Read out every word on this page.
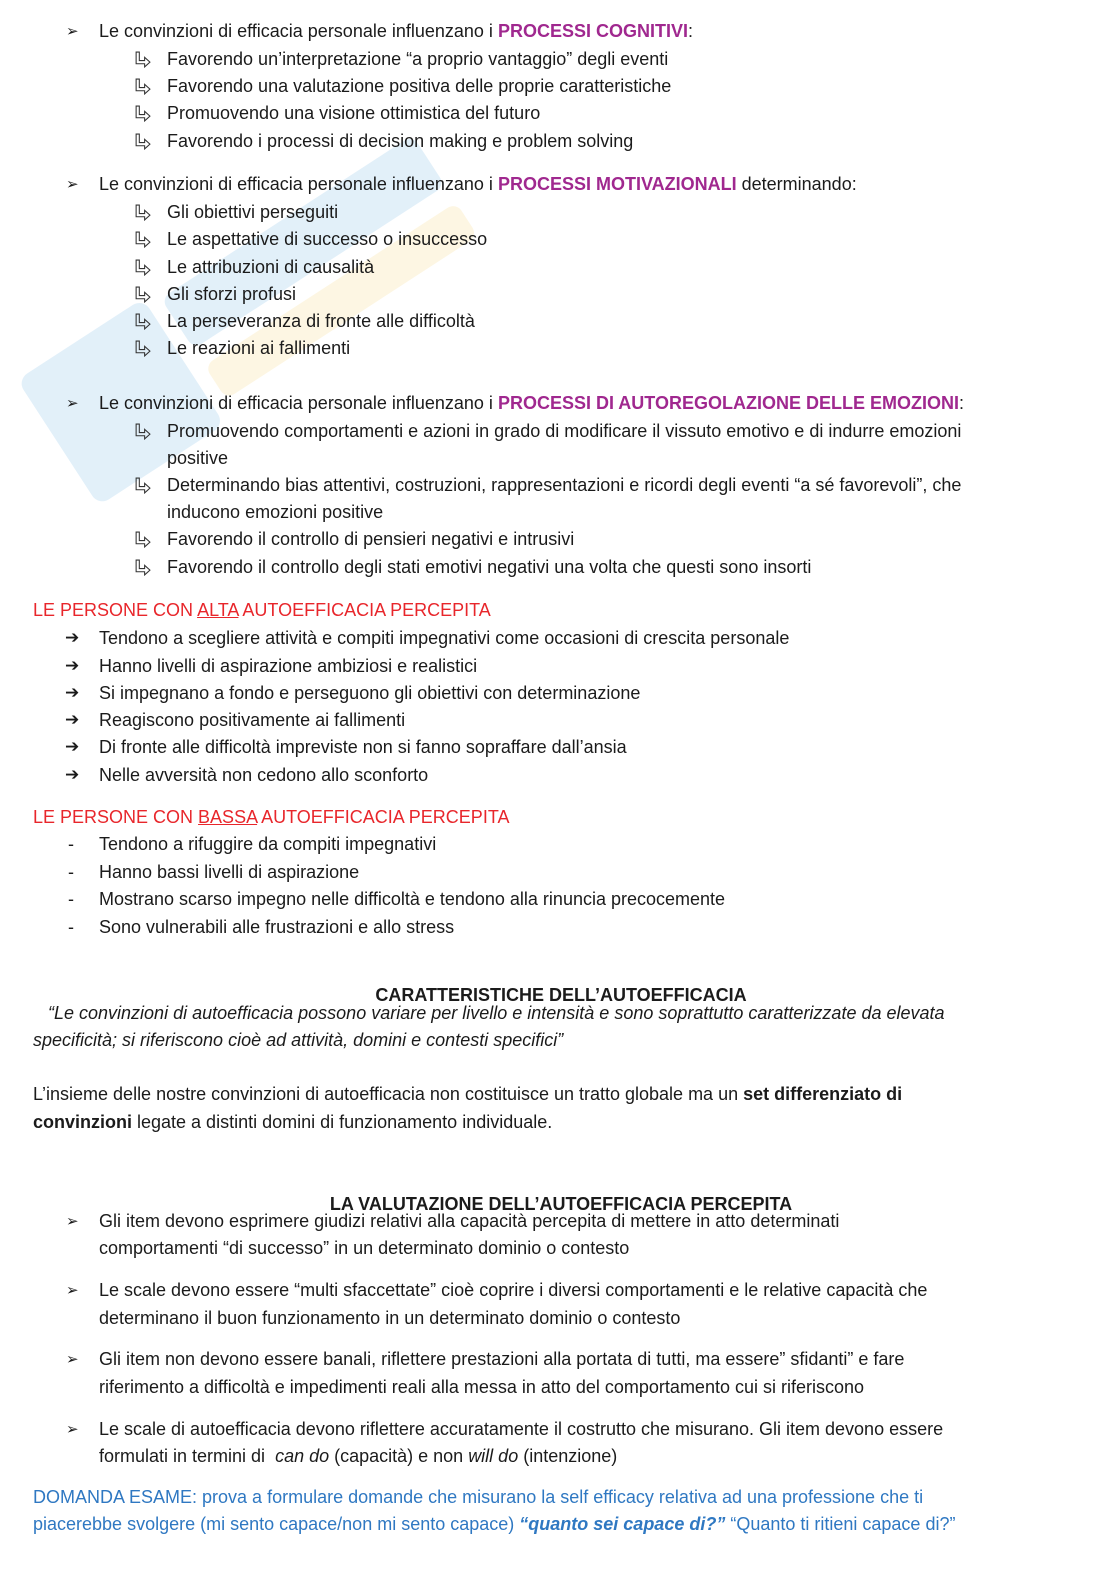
➢

Le convinzioni di efficacia personale influenzano i PROCESSI COGNITIVI:

Favorendo un’interpretazione “a proprio vantaggio” degli eventi
Favorendo una valutazione positiva delle proprie caratteristiche
Promuovendo una visione ottimistica del futuro
Favorendo i processi di decision making e problem solving

➢

Le convinzioni di efficacia personale influenzano i PROCESSI MOTIVAZIONALI determinando:

Gli obiettivi perseguiti
Le aspettative di successo o insuccesso
Le attribuzioni di causalità
Gli sforzi profusi
La perseveranza di fronte alle difficoltà
Le reazioni ai fallimenti

➢

Le convinzioni di efficacia personale influenzano i PROCESSI DI AUTOREGOLAZIONE DELLE EMOZIONI:

Promuovendo comportamenti e azioni in grado di modificare il vissuto emotivo e di indurre emozioni
positive
Determinando bias attentivi, costruzioni, rappresentazioni e ricordi degli eventi “a sé favorevoli”, che
inducono emozioni positive
Favorendo il controllo di pensieri negativi e intrusivi
Favorendo il controllo degli stati emotivi negativi una volta che questi sono insorti

LE PERSONE CON ALTA AUTOEFFICACIA PERCEPITA

➔ Tendono a scegliere attività e compiti impegnativi come occasioni di crescita personale
➔ Hanno livelli di aspirazione ambiziosi e realistici
➔ Si impegnano a fondo e perseguono gli obiettivi con determinazione
➔ Reagiscono positivamente ai fallimenti
➔ Di fronte alle difficoltà impreviste non si fanno sopraffare dall’ansia
➔ Nelle avversità non cedono allo sconforto

LE PERSONE CON BASSA AUTOEFFICACIA PERCEPITA

- Tendono a rifuggire da compiti impegnativi
- Hanno bassi livelli di aspirazione
- Mostrano scarso impegno nelle difficoltà e tendono alla rinuncia precocemente
- Sono vulnerabili alle frustrazioni e allo stress

CARATTERISTICHE DELL’AUTOEFFICACIA

“Le convinzioni di autoefficacia possono variare per livello e intensità e sono soprattutto caratterizzate da elevata
specificità; si riferiscono cioè ad attività, domini e contesti specifici”
L’insieme delle nostre convinzioni di autoefficacia non costituisce un tratto globale ma un set differenziato di
convinzioni legate a distinti domini di funzionamento individuale.

LA VALUTAZIONE DELL’AUTOEFFICACIA PERCEPITA

➢ Gli item devono esprimere giudizi relativi alla capacità percepita di mettere in atto determinati
comportamenti “di successo” in un determinato dominio o contesto
➢ Le scale devono essere “multi sfaccettate” cioè coprire i diversi comportamenti e le relative capacità che
determinano il buon funzionamento in un determinato dominio o contesto
➢ Gli item non devono essere banali, riflettere prestazioni alla portata di tutti, ma essere” sfidanti” e fare
riferimento a difficoltà e impedimenti reali alla messa in atto del comportamento cui si riferiscono
➢ Le scale di autoefficacia devono riflettere accuratamente il costrutto che misurano. Gli item devono essere
formulati in termini di  can do (capacità) e non will do (intenzione)
DOMANDA ESAME: prova a formulare domande che misurano la self efficacy relativa ad una professione che ti
piacerebbe svolgere (mi sento capace/non mi sento capace) “quanto sei capace di?” “Quanto ti ritieni capace di?”
